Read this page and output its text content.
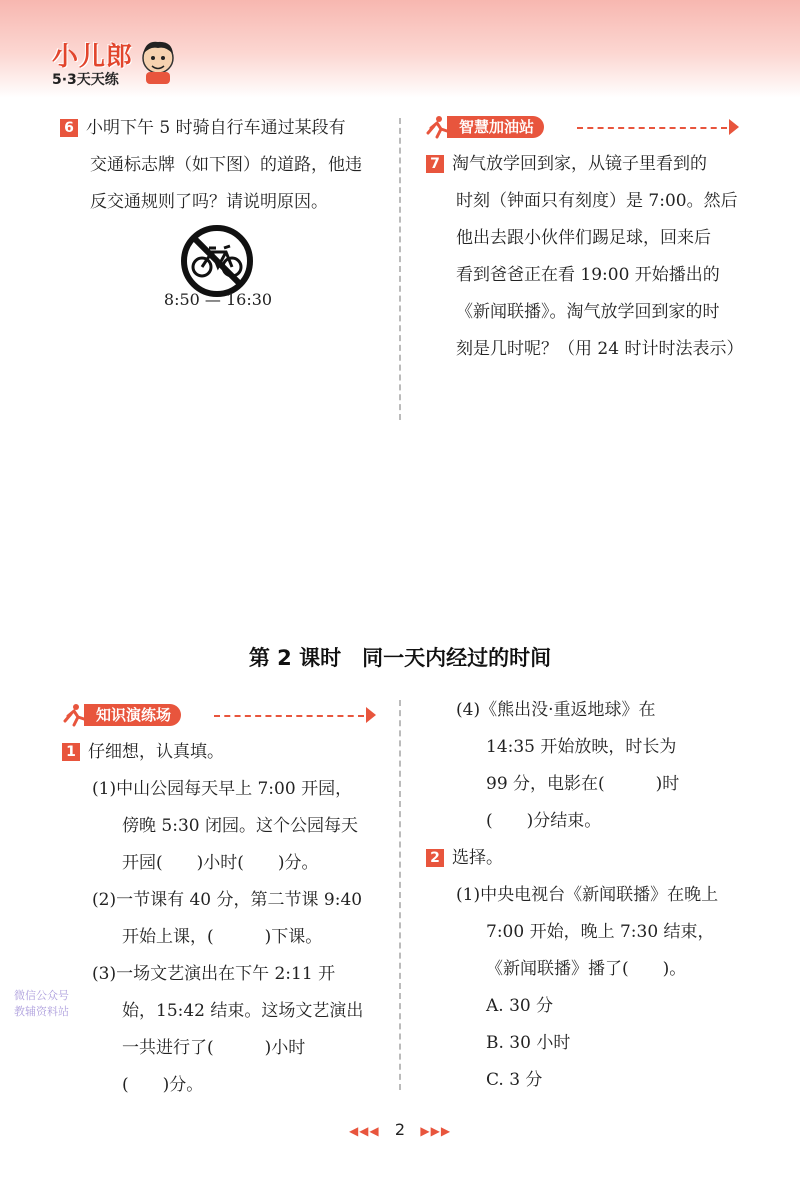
小儿郎
5·3天天练
6 小明下午 5 时骑自行车通过某段有
交通标志牌（如下图）的道路，他违
反交通规则了吗？请说明原因。
8:50 — 16:30
智慧加油站
7 淘气放学回到家，从镜子里看到的
时刻（钟面只有刻度）是 7:00。然后
他出去跟小伙伴们踢足球，回来后
看到爸爸正在看 19:00 开始播出的
《新闻联播》。淘气放学回到家的时
刻是几时呢？（用 24 时计时法表示）
第 2 课时　同一天内经过的时间
知识演练场
1 仔细想，认真填。
(1)中山公园每天早上 7:00 开园，
傍晚 5:30 闭园。这个公园每天
开园(　　)小时(　　)分。
(2)一节课有 40 分，第二节课 9:40
开始上课，(　　　)下课。
(3)一场文艺演出在下午 2:11 开
始，15:42 结束。这场文艺演出
一共进行了(　　　)小时
(　　)分。
(4)《熊出没·重返地球》在
14:35 开始放映，时长为
99 分，电影在(　　　)时
(　　)分结束。
2 选择。
(1)中央电视台《新闻联播》在晚上
7:00 开始，晚上 7:30 结束，
《新闻联播》播了(　　)。
A. 30 分
B. 30 小时
C. 3 分
微信公众号
教辅资料站
◀◀◀ 2 ▶▶▶
